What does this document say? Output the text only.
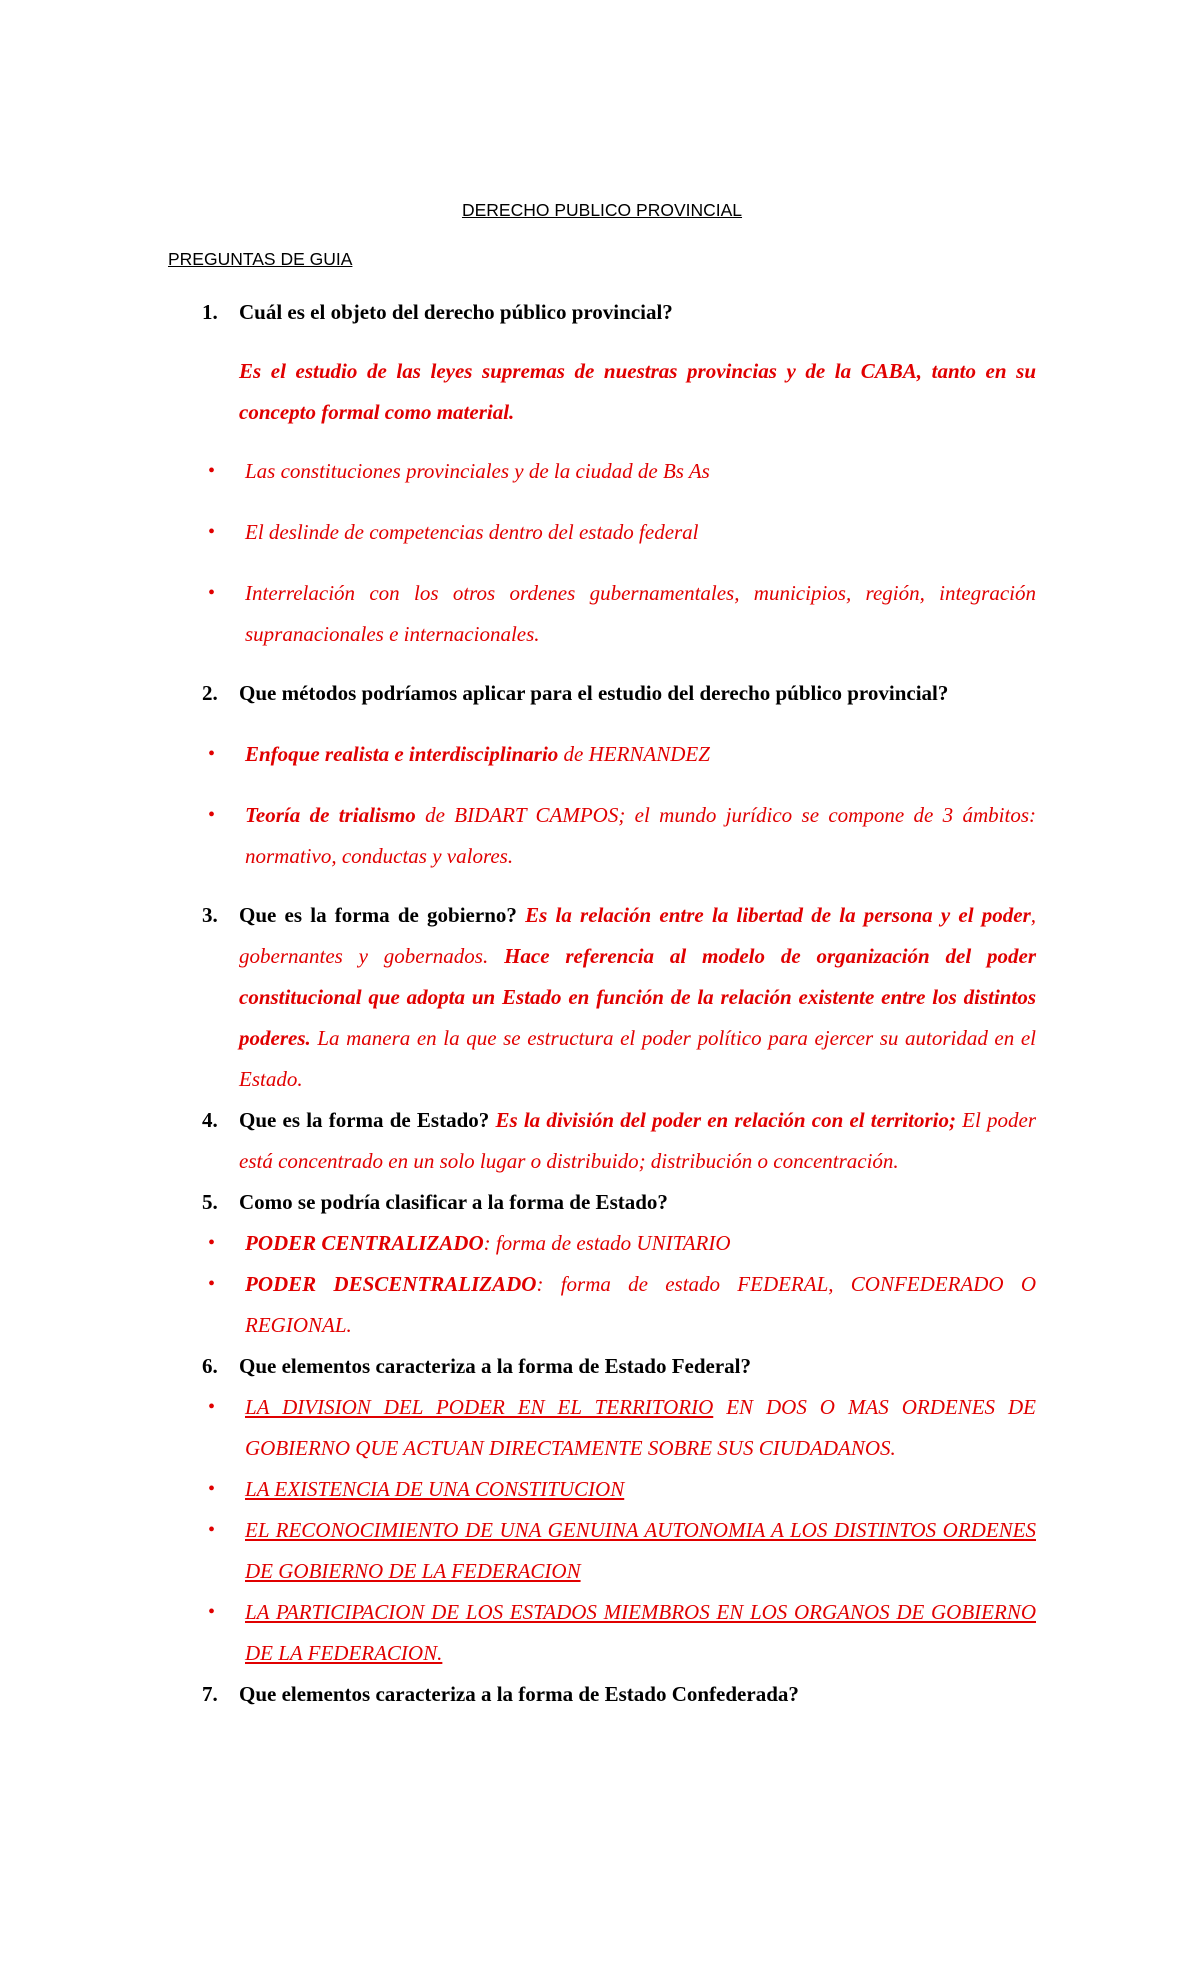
DERECHO PUBLICO PROVINCIAL

PREGUNTAS DE GUIA

1. Cuál es el objeto del derecho público provincial?

Es el estudio de las leyes supremas de nuestras provincias y de la CABA, tanto en su concepto formal como material.

• Las constituciones provinciales y de la ciudad de Bs As

• El deslinde de competencias dentro del estado federal

• Interrelación con los otros ordenes gubernamentales, municipios, región, integración supranacionales e internacionales.

2. Que métodos podríamos aplicar para el estudio del derecho público provincial?

• Enfoque realista e interdisciplinario de HERNANDEZ

• Teoría de trialismo de BIDART CAMPOS; el mundo jurídico se compone de 3 ámbitos: normativo, conductas y valores.

3. Que es la forma de gobierno? Es la relación entre la libertad de la persona y el poder, gobernantes y gobernados. Hace referencia al modelo de organización del poder constitucional que adopta un Estado en función de la relación existente entre los distintos poderes. La manera en la que se estructura el poder político para ejercer su autoridad en el Estado.

4. Que es la forma de Estado? Es la división del poder en relación con el territorio; El poder está concentrado en un solo lugar o distribuido; distribución o concentración.

5. Como se podría clasificar a la forma de Estado?

• PODER CENTRALIZADO: forma de estado UNITARIO

• PODER DESCENTRALIZADO: forma de estado FEDERAL, CONFEDERADO O REGIONAL.

6. Que elementos caracteriza a la forma de Estado Federal?

• LA DIVISION DEL PODER EN EL TERRITORIO EN DOS O MAS ORDENES DE GOBIERNO QUE ACTUAN DIRECTAMENTE SOBRE SUS CIUDADANOS.

• LA EXISTENCIA DE UNA CONSTITUCION

• EL RECONOCIMIENTO DE UNA GENUINA AUTONOMIA A LOS DISTINTOS ORDENES DE GOBIERNO DE LA FEDERACION

• LA PARTICIPACION DE LOS ESTADOS MIEMBROS EN LOS ORGANOS DE GOBIERNO DE LA FEDERACION.

7. Que elementos caracteriza a la forma de Estado Confederada?
